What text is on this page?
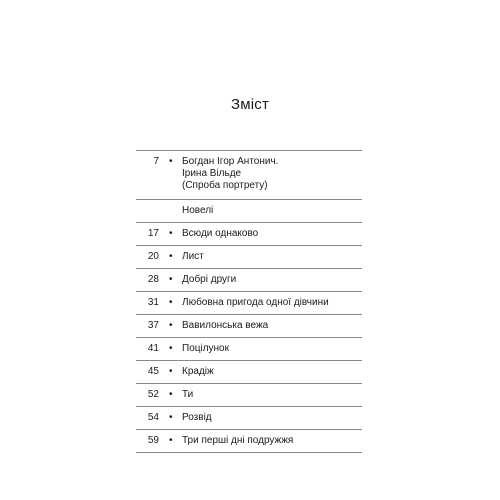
Зміст
7 • Богдан Ігор Антонич.
Ірина Вільде
(Спроба портрету)
Новелі
17 • Всюди однаково
20 • Лист
28 • Добрі други
31 • Любовна пригода одної дівчини
37 • Вавилонська вежа
41 • Поцілунок
45 • Крадіж
52 • Ти
54 • Розвід
59 • Три перші дні подружжя
